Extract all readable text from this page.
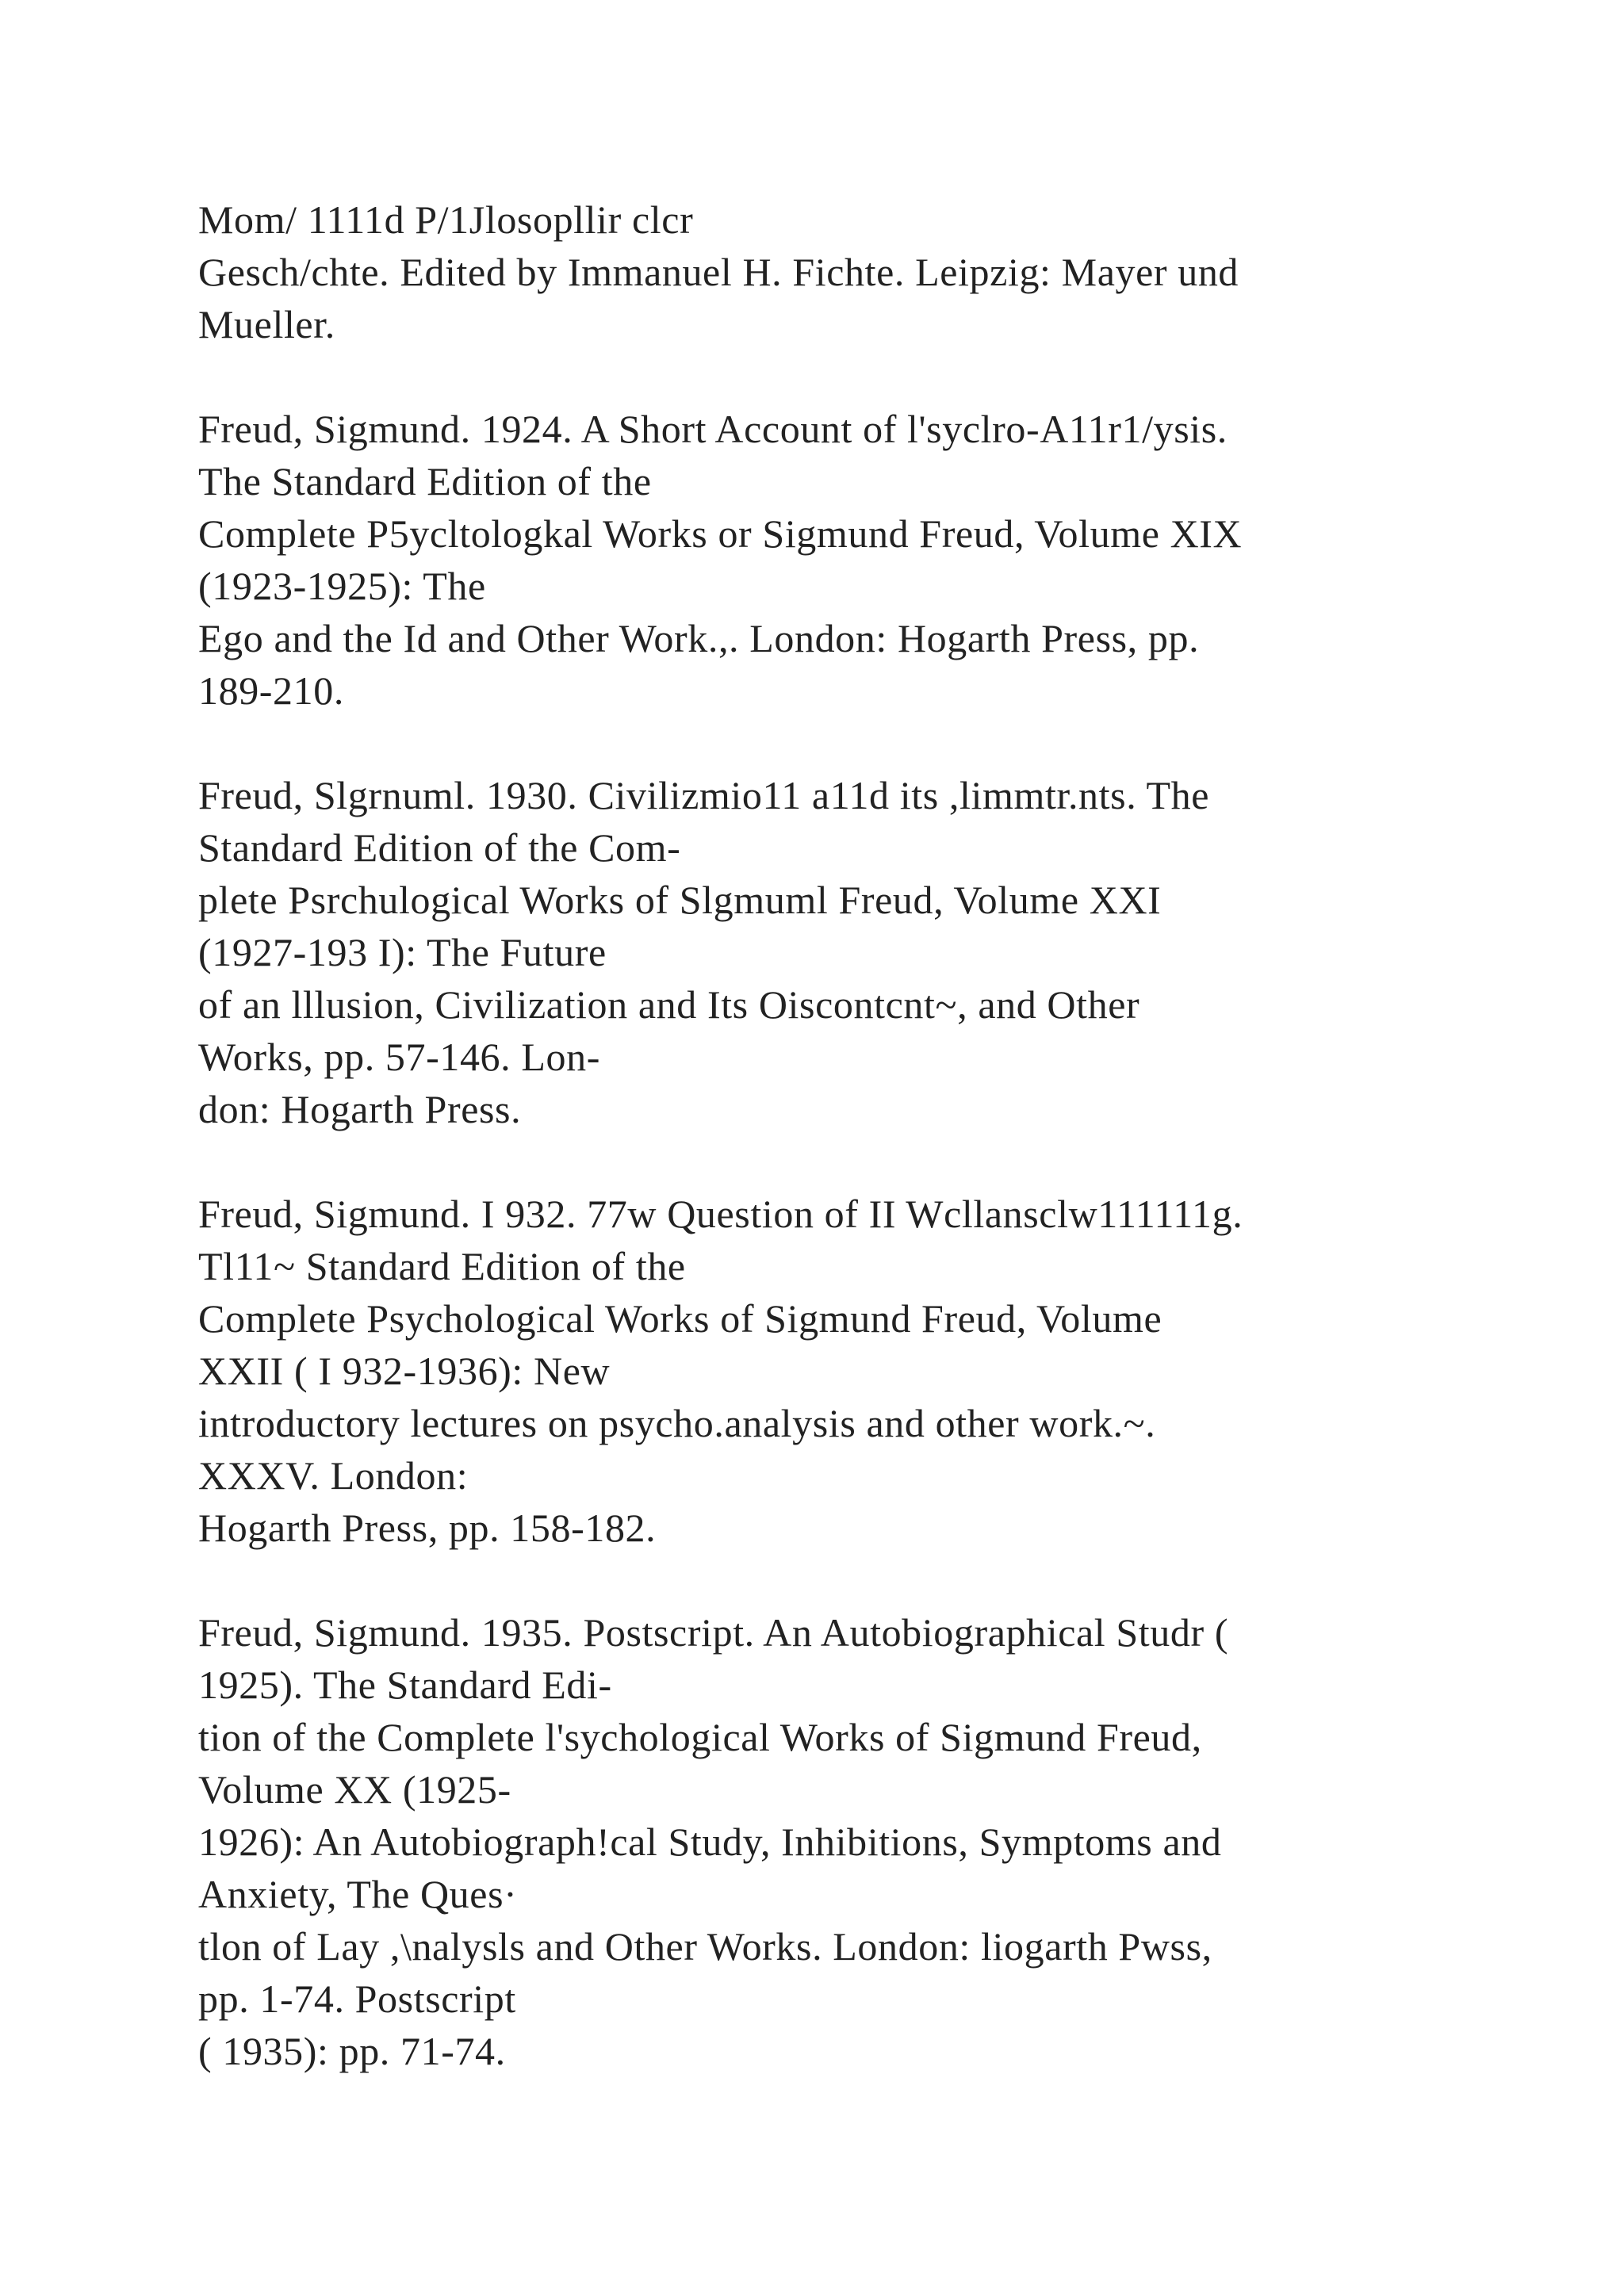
Mom/ 1111d P/1Jlosopllir clcr
Gesch/chte. Edited by Immanuel H. Fichte. Leipzig: Mayer und
Mueller.
Freud, Sigmund. 1924. A Short Account of l'syclro-A11r1/ysis.
The Standard Edition of the
Complete P5ycltologkal Works or Sigmund Freud, Volume XIX
(1923-1925): The
Ego and the Id and Other Work.,. London: Hogarth Press, pp.
189-210.
Freud, Slgrnuml. 1930. Civilizmio11 a11d its ,limmtr.nts. The
Standard Edition of the Com-
plete Psrchulogical Works of Slgmuml Freud, Volume XXI
(1927-193 I): The Future
of an lllusion, Civilization and Its Oiscontcnt~, and Other
Works, pp. 57-146. Lon-
don: Hogarth Press.
Freud, Sigmund. I 932. 77w Question of II Wcllansclw111111g.
Tl11~ Standard Edition of the
Complete Psychological Works of Sigmund Freud, Volume
XXII ( I 932-1936): New
introductory lectures on psycho.analysis and other work.~.
XXXV. London:
Hogarth Press, pp. 158-182.
Freud, Sigmund. 1935. Postscript. An Autobiographical Studr (
1925). The Standard Edi-
tion of the Complete l'sychological Works of Sigmund Freud,
Volume XX (1925-
1926): An Autobiograph!cal Study, Inhibitions, Symptoms and
Anxiety, The Ques·
tlon of Lay ,\nalysls and Other Works. London: liogarth Pwss,
pp. 1-74. Postscript
( 1935): pp. 71-74.
